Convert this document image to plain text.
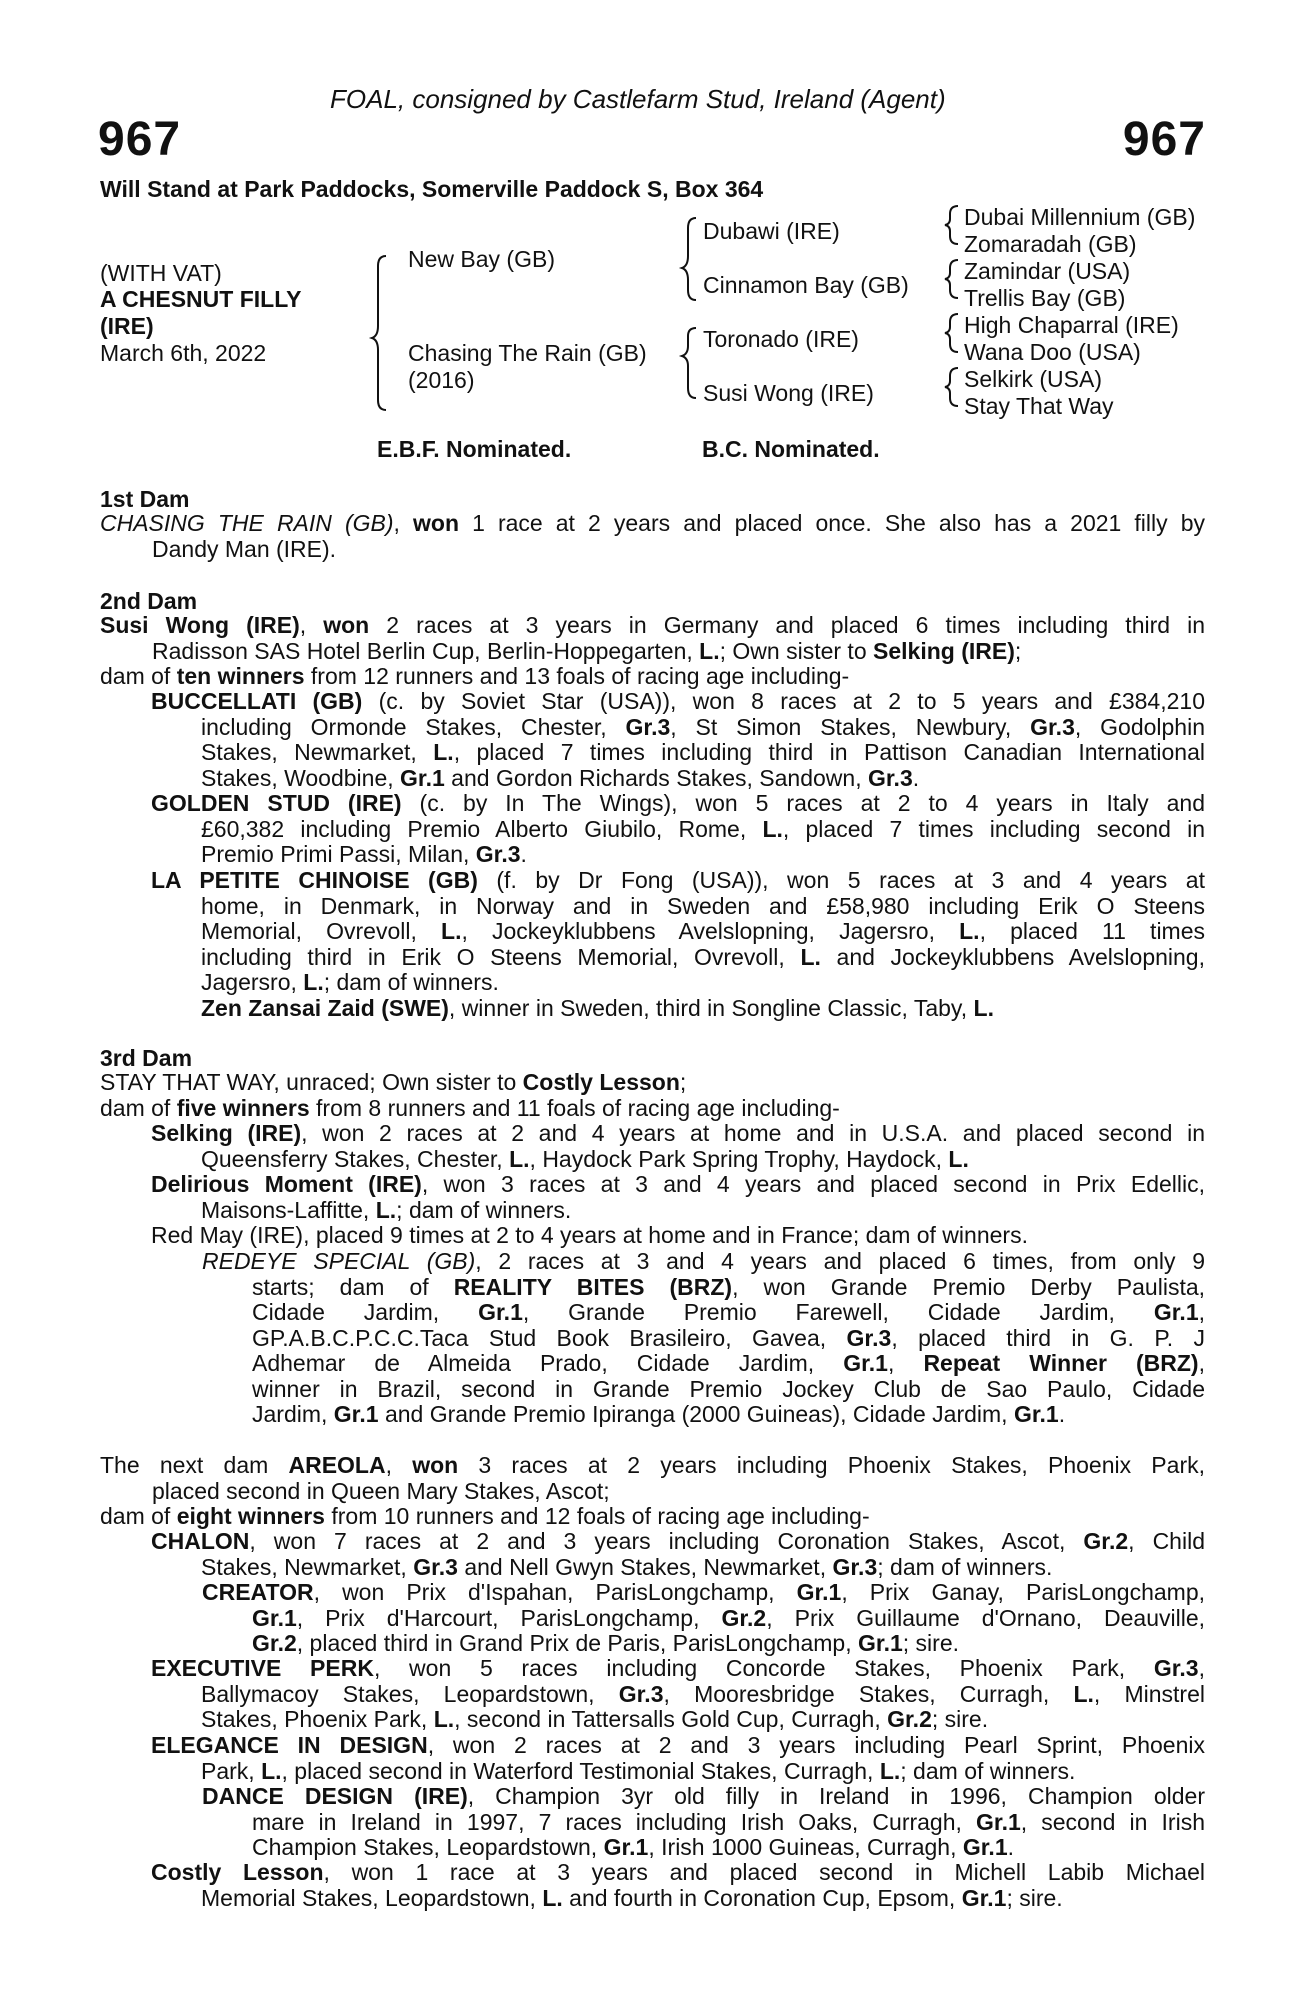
FOAL, consigned by Castlefarm Stud, Ireland (Agent)
967	967
Will Stand at Park Paddocks, Somerville Paddock S, Box 364
(WITH VAT)
A CHESNUT FILLY
(IRE)
March 6th, 2022
New Bay (GB)
Chasing The Rain (GB)
(2016)
Dubawi (IRE)
Cinnamon Bay (GB)
Toronado (IRE)
Susi Wong (IRE)
Dubai Millennium (GB)
Zomaradah (GB)
Zamindar (USA)
Trellis Bay (GB)
High Chaparral (IRE)
Wana Doo (USA)
Selkirk (USA)
Stay That Way
E.B.F. Nominated.	B.C. Nominated.
1st Dam
CHASING THE RAIN (GB), won 1 race at 2 years and placed once. She also has a 2021 filly by
Dandy Man (IRE).
2nd Dam
Susi Wong (IRE), won 2 races at 3 years in Germany and placed 6 times including third in
Radisson SAS Hotel Berlin Cup, Berlin-Hoppegarten, L.; Own sister to Selking (IRE);
dam of ten winners from 12 runners and 13 foals of racing age including-
BUCCELLATI (GB) (c. by Soviet Star (USA)), won 8 races at 2 to 5 years and £384,210
including Ormonde Stakes, Chester, Gr.3, St Simon Stakes, Newbury, Gr.3, Godolphin
Stakes, Newmarket, L., placed 7 times including third in Pattison Canadian International
Stakes, Woodbine, Gr.1 and Gordon Richards Stakes, Sandown, Gr.3.
GOLDEN STUD (IRE) (c. by In The Wings), won 5 races at 2 to 4 years in Italy and
£60,382 including Premio Alberto Giubilo, Rome, L., placed 7 times including second in
Premio Primi Passi, Milan, Gr.3.
LA PETITE CHINOISE (GB) (f. by Dr Fong (USA)), won 5 races at 3 and 4 years at
home, in Denmark, in Norway and in Sweden and £58,980 including Erik O Steens
Memorial, Ovrevoll, L., Jockeyklubbens Avelslopning, Jagersro, L., placed 11 times
including third in Erik O Steens Memorial, Ovrevoll, L. and Jockeyklubbens Avelslopning,
Jagersro, L.; dam of winners.
Zen Zansai Zaid (SWE), winner in Sweden, third in Songline Classic, Taby, L.
3rd Dam
STAY THAT WAY, unraced; Own sister to Costly Lesson;
dam of five winners from 8 runners and 11 foals of racing age including-
Selking (IRE), won 2 races at 2 and 4 years at home and in U.S.A. and placed second in
Queensferry Stakes, Chester, L., Haydock Park Spring Trophy, Haydock, L.
Delirious Moment (IRE), won 3 races at 3 and 4 years and placed second in Prix Edellic,
Maisons-Laffitte, L.; dam of winners.
Red May (IRE), placed 9 times at 2 to 4 years at home and in France; dam of winners.
REDEYE SPECIAL (GB), 2 races at 3 and 4 years and placed 6 times, from only 9
starts; dam of REALITY BITES (BRZ), won Grande Premio Derby Paulista,
Cidade Jardim, Gr.1, Grande Premio Farewell, Cidade Jardim, Gr.1,
GP.A.B.C.P.C.C.Taca Stud Book Brasileiro, Gavea, Gr.3, placed third in G. P. J
Adhemar de Almeida Prado, Cidade Jardim, Gr.1, Repeat Winner (BRZ),
winner in Brazil, second in Grande Premio Jockey Club de Sao Paulo, Cidade
Jardim, Gr.1 and Grande Premio Ipiranga (2000 Guineas), Cidade Jardim, Gr.1.
The next dam AREOLA, won 3 races at 2 years including Phoenix Stakes, Phoenix Park,
placed second in Queen Mary Stakes, Ascot;
dam of eight winners from 10 runners and 12 foals of racing age including-
CHALON, won 7 races at 2 and 3 years including Coronation Stakes, Ascot, Gr.2, Child
Stakes, Newmarket, Gr.3 and Nell Gwyn Stakes, Newmarket, Gr.3; dam of winners.
CREATOR, won Prix d'Ispahan, ParisLongchamp, Gr.1, Prix Ganay, ParisLongchamp,
Gr.1, Prix d'Harcourt, ParisLongchamp, Gr.2, Prix Guillaume d'Ornano, Deauville,
Gr.2, placed third in Grand Prix de Paris, ParisLongchamp, Gr.1; sire.
EXECUTIVE PERK, won 5 races including Concorde Stakes, Phoenix Park, Gr.3,
Ballymacoy Stakes, Leopardstown, Gr.3, Mooresbridge Stakes, Curragh, L., Minstrel
Stakes, Phoenix Park, L., second in Tattersalls Gold Cup, Curragh, Gr.2; sire.
ELEGANCE IN DESIGN, won 2 races at 2 and 3 years including Pearl Sprint, Phoenix
Park, L., placed second in Waterford Testimonial Stakes, Curragh, L.; dam of winners.
DANCE DESIGN (IRE), Champion 3yr old filly in Ireland in 1996, Champion older
mare in Ireland in 1997, 7 races including Irish Oaks, Curragh, Gr.1, second in Irish
Champion Stakes, Leopardstown, Gr.1, Irish 1000 Guineas, Curragh, Gr.1.
Costly Lesson, won 1 race at 3 years and placed second in Michell Labib Michael
Memorial Stakes, Leopardstown, L. and fourth in Coronation Cup, Epsom, Gr.1; sire.
